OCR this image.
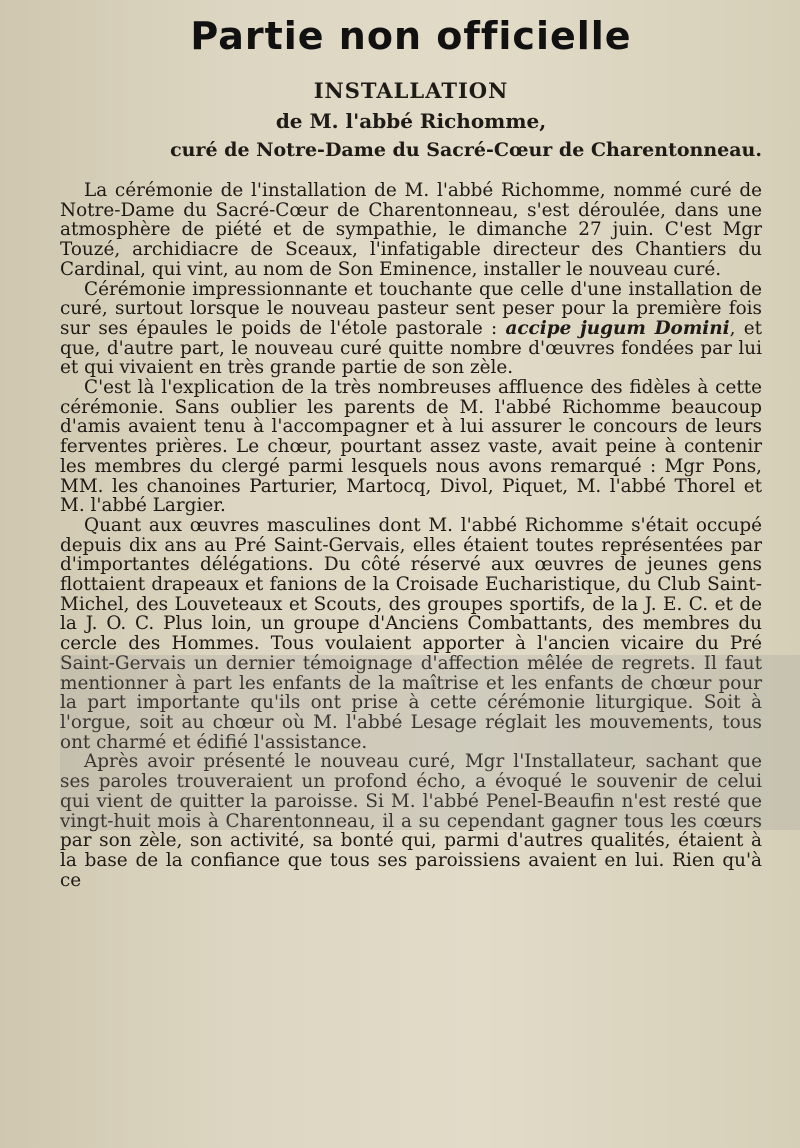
Partie non officielle

INSTALLATION

de M. l'abbé Richomme,

curé de Notre-Dame du Sacré-Cœur de Charentonneau.

La cérémonie de l'installation de M. l'abbé Richomme, nommé curé de Notre-Dame du Sacré-Cœur de Charentonneau, s'est déroulée, dans une atmosphère de piété et de sympathie, le dimanche 27 juin. C'est Mgr Touzé, archidiacre de Sceaux, l'infatigable directeur des Chantiers du Cardinal, qui vint, au nom de Son Eminence, installer le nouveau curé.

Cérémonie impressionnante et touchante que celle d'une installation de curé, surtout lorsque le nouveau pasteur sent peser pour la première fois sur ses épaules le poids de l'étole pastorale : accipe jugum Domini, et que, d'autre part, le nouveau curé quitte nombre d'œuvres fondées par lui et qui vivaient en très grande partie de son zèle.

C'est là l'explication de la très nombreuses affluence des fidèles à cette cérémonie. Sans oublier les parents de M. l'abbé Richomme beaucoup d'amis avaient tenu à l'accompagner et à lui assurer le concours de leurs ferventes prières. Le chœur, pourtant assez vaste, avait peine à contenir les membres du clergé parmi lesquels nous avons remarqué : Mgr Pons, MM. les chanoines Parturier, Martocq, Divol, Piquet, M. l'abbé Thorel et M. l'abbé Largier.

Quant aux œuvres masculines dont M. l'abbé Richomme s'était occupé depuis dix ans au Pré Saint-Gervais, elles étaient toutes représentées par d'importantes délégations. Du côté réservé aux œuvres de jeunes gens flottaient drapeaux et fanions de la Croisade Eucharistique, du Club Saint-Michel, des Louveteaux et Scouts, des groupes sportifs, de la J. E. C. et de la J. O. C. Plus loin, un groupe d'Anciens Combattants, des membres du cercle des Hommes. Tous voulaient apporter à l'ancien vicaire du Pré Saint-Gervais un dernier témoignage d'affection mêlée de regrets. Il faut mentionner à part les enfants de la maîtrise et les enfants de chœur pour la part importante qu'ils ont prise à cette cérémonie liturgique. Soit à l'orgue, soit au chœur où M. l'abbé Lesage réglait les mouvements, tous ont charmé et édifié l'assistance.

Après avoir présenté le nouveau curé, Mgr l'Installateur, sachant que ses paroles trouveraient un profond écho, a évoqué le souvenir de celui qui vient de quitter la paroisse. Si M. l'abbé Penel-Beaufin n'est resté que vingt-huit mois à Charentonneau, il a su cependant gagner tous les cœurs par son zèle, son activité, sa bonté qui, parmi d'autres qualités, étaient à la base de la confiance que tous ses paroissiens avaient en lui. Rien qu'à ce
